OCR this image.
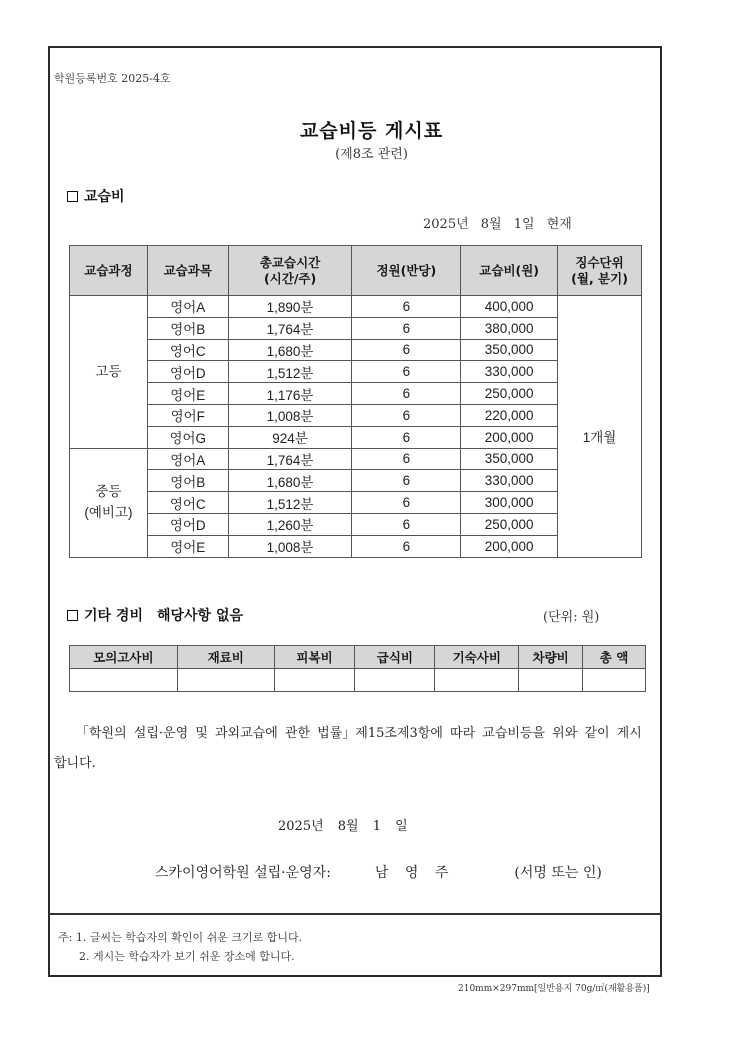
학원등록번호 2025-4호
교습비등 게시표
(제8조 관련)
교습비
2025년 8월 1일 현재
교습과정	교습과목	총교습시간
(시간/주)	정원(반당)	교습비(원)	징수단위
(월, 분기)
고등	영어A	1,890분	6	400,000	1개월
	영어B	1,764분	6	380,000	
	영어C	1,680분	6	350,000	
	영어D	1,512분	6	330,000	
	영어E	1,176분	6	250,000	
	영어F	1,008분	6	220,000	
	영어G	924분	6	200,000	
중등
(예비고)	영어A	1,764분	6	350,000	
	영어B	1,680분	6	330,000	
	영어C	1,512분	6	300,000	
	영어D	1,260분	6	250,000	
	영어E	1,008분	6	200,000	
기타 경비 해당사항 없음	(단위: 원)
모의고사비	재료비	피복비	급식비	기숙사비	차량비	총 액

「학원의 설립·운영 및 과외교습에 관한 법률」제15조제3항에 따라 교습비등을 위와 같이 게시합니다.
2025년 8월 1 일
스카이영어학원 설립·운영자:	남 영 주	(서명 또는 인)
주: 1. 글씨는 학습자의 확인이 쉬운 크기로 합니다.
2. 게시는 학습자가 보기 쉬운 장소에 합니다.
210mm×297mm[일반용지 70g/㎡(재활용품)]
